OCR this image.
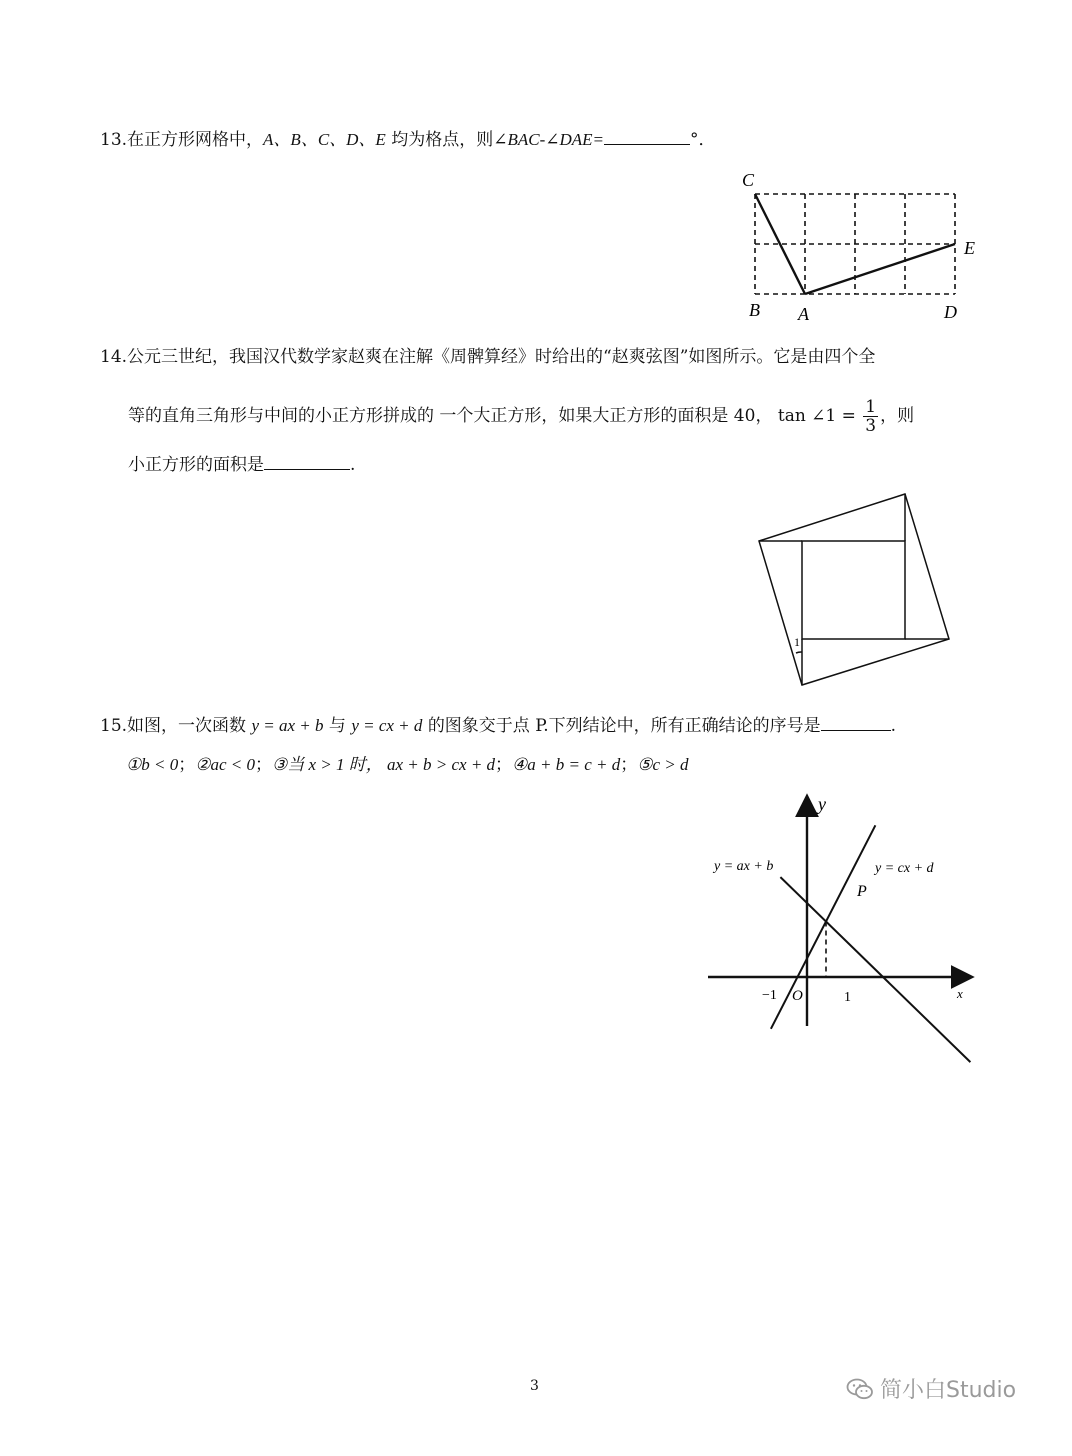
13.在正方形网格中，A、B、C、D、E 均为格点，则∠BAC-∠DAE=	°．
C
E
B A	D
14.公元三世纪，我国汉代数学家赵爽在注解《周髀算经》时给出的“赵爽弦图”如图所示。它是由四个全
等的直角三角形与中间的小正方形拼成的 一个大正方形，如果大正方形的面积是 40， tan ∠1 = $\frac{1}{3}$ ，则
小正方形的面积是	.
1
15.如图，一次函数 y = ax + b 与 y = cx + d 的图象交于点 P.下列结论中，所有正确结论的序号是	.
①b < 0；②ac < 0；③当 x > 1 时， ax + b > cx + d；④a + b = c + d；⑤c > d
y
x
O
−1	1
P
y = ax + b	y = cx + d
3	简小白Studio
